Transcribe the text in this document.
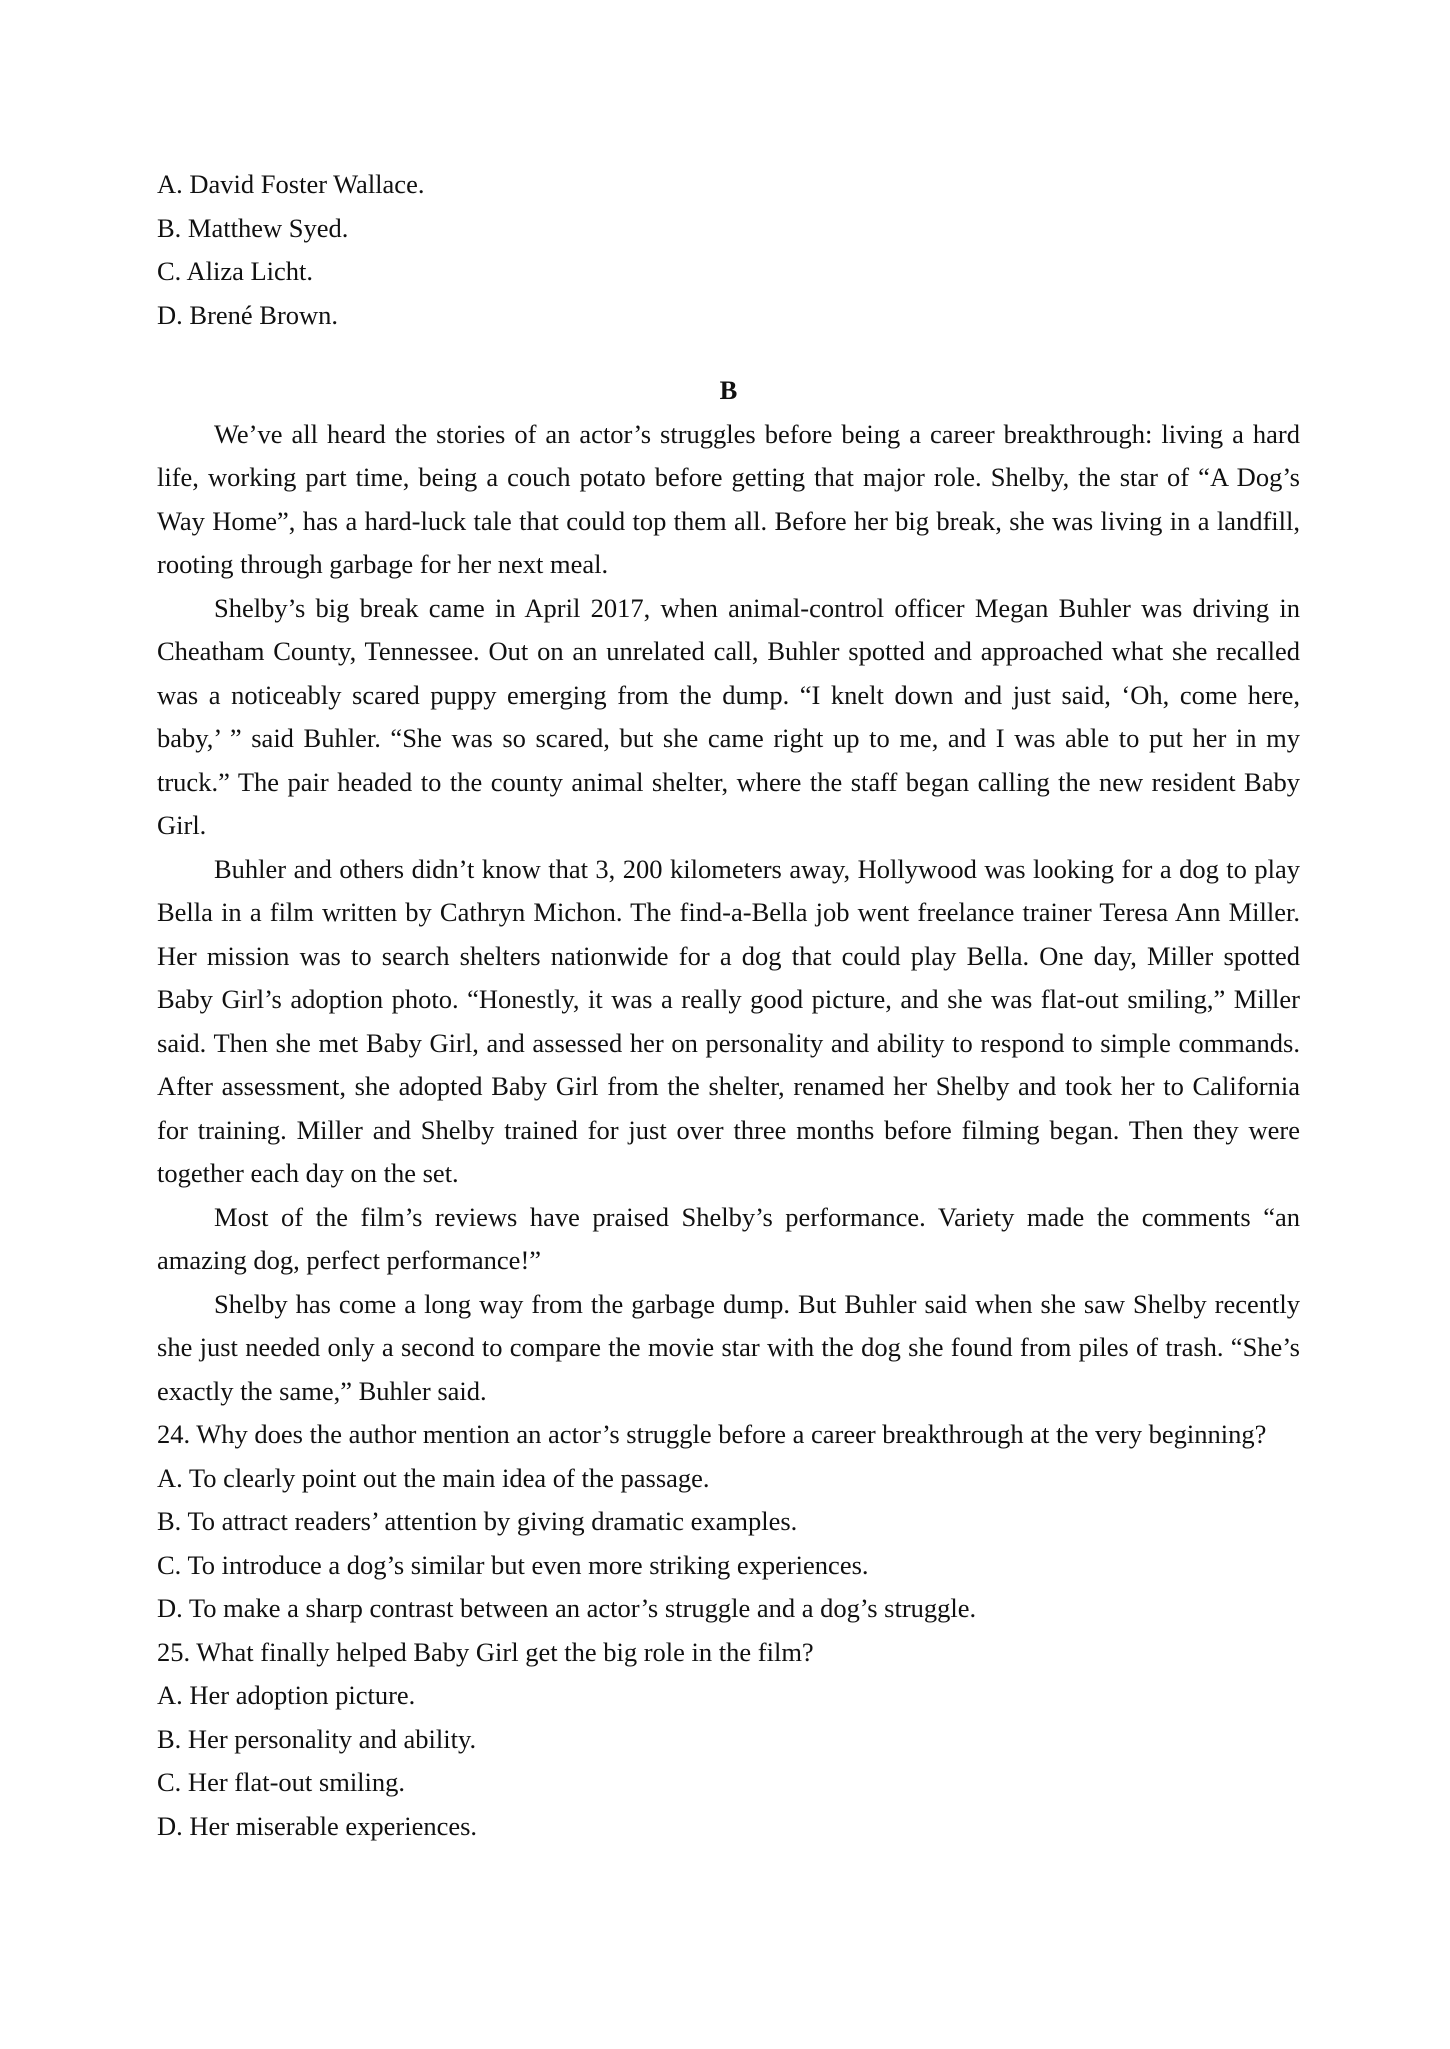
A. David Foster Wallace.
B. Matthew Syed.
C. Aliza Licht.
D. Brené Brown.
B

We’ve all heard the stories of an actor’s struggles before being a career breakthrough: living a hard life, working part time, being a couch potato before getting that major role. Shelby, the star of “A Dog’s Way Home”, has a hard-luck tale that could top them all. Before her big break, she was living in a landfill, rooting through garbage for her next meal.

Shelby’s big break came in April 2017, when animal-control officer Megan Buhler was driving in Cheatham County, Tennessee. Out on an unrelated call, Buhler spotted and approached what she recalled was a noticeably scared puppy emerging from the dump. “I knelt down and just said, ‘Oh, come here, baby,’ ” said Buhler. “She was so scared, but she came right up to me, and I was able to put her in my truck.” The pair headed to the county animal shelter, where the staff began calling the new resident Baby Girl.

Buhler and others didn’t know that 3, 200 kilometers away, Hollywood was looking for a dog to play Bella in a film written by Cathryn Michon. The find-a-Bella job went freelance trainer Teresa Ann Miller. Her mission was to search shelters nationwide for a dog that could play Bella. One day, Miller spotted Baby Girl’s adoption photo. “Honestly, it was a really good picture, and she was flat-out smiling,” Miller said. Then she met Baby Girl, and assessed her on personality and ability to respond to simple commands. After assessment, she adopted Baby Girl from the shelter, renamed her Shelby and took her to California for training. Miller and Shelby trained for just over three months before filming began. Then they were together each day on the set.

Most of the film’s reviews have praised Shelby’s performance. Variety made the comments “an amazing dog, perfect performance!”

Shelby has come a long way from the garbage dump. But Buhler said when she saw Shelby recently she just needed only a second to compare the movie star with the dog she found from piles of trash. “She’s exactly the same,” Buhler said.

24. Why does the author mention an actor’s struggle before a career breakthrough at the very beginning?

A. To clearly point out the main idea of the passage.
B. To attract readers’ attention by giving dramatic examples.
C. To introduce a dog’s similar but even more striking experiences.
D. To make a sharp contrast between an actor’s struggle and a dog’s struggle.

25. What finally helped Baby Girl get the big role in the film?

A. Her adoption picture.
B. Her personality and ability.
C. Her flat-out smiling.
D. Her miserable experiences.
